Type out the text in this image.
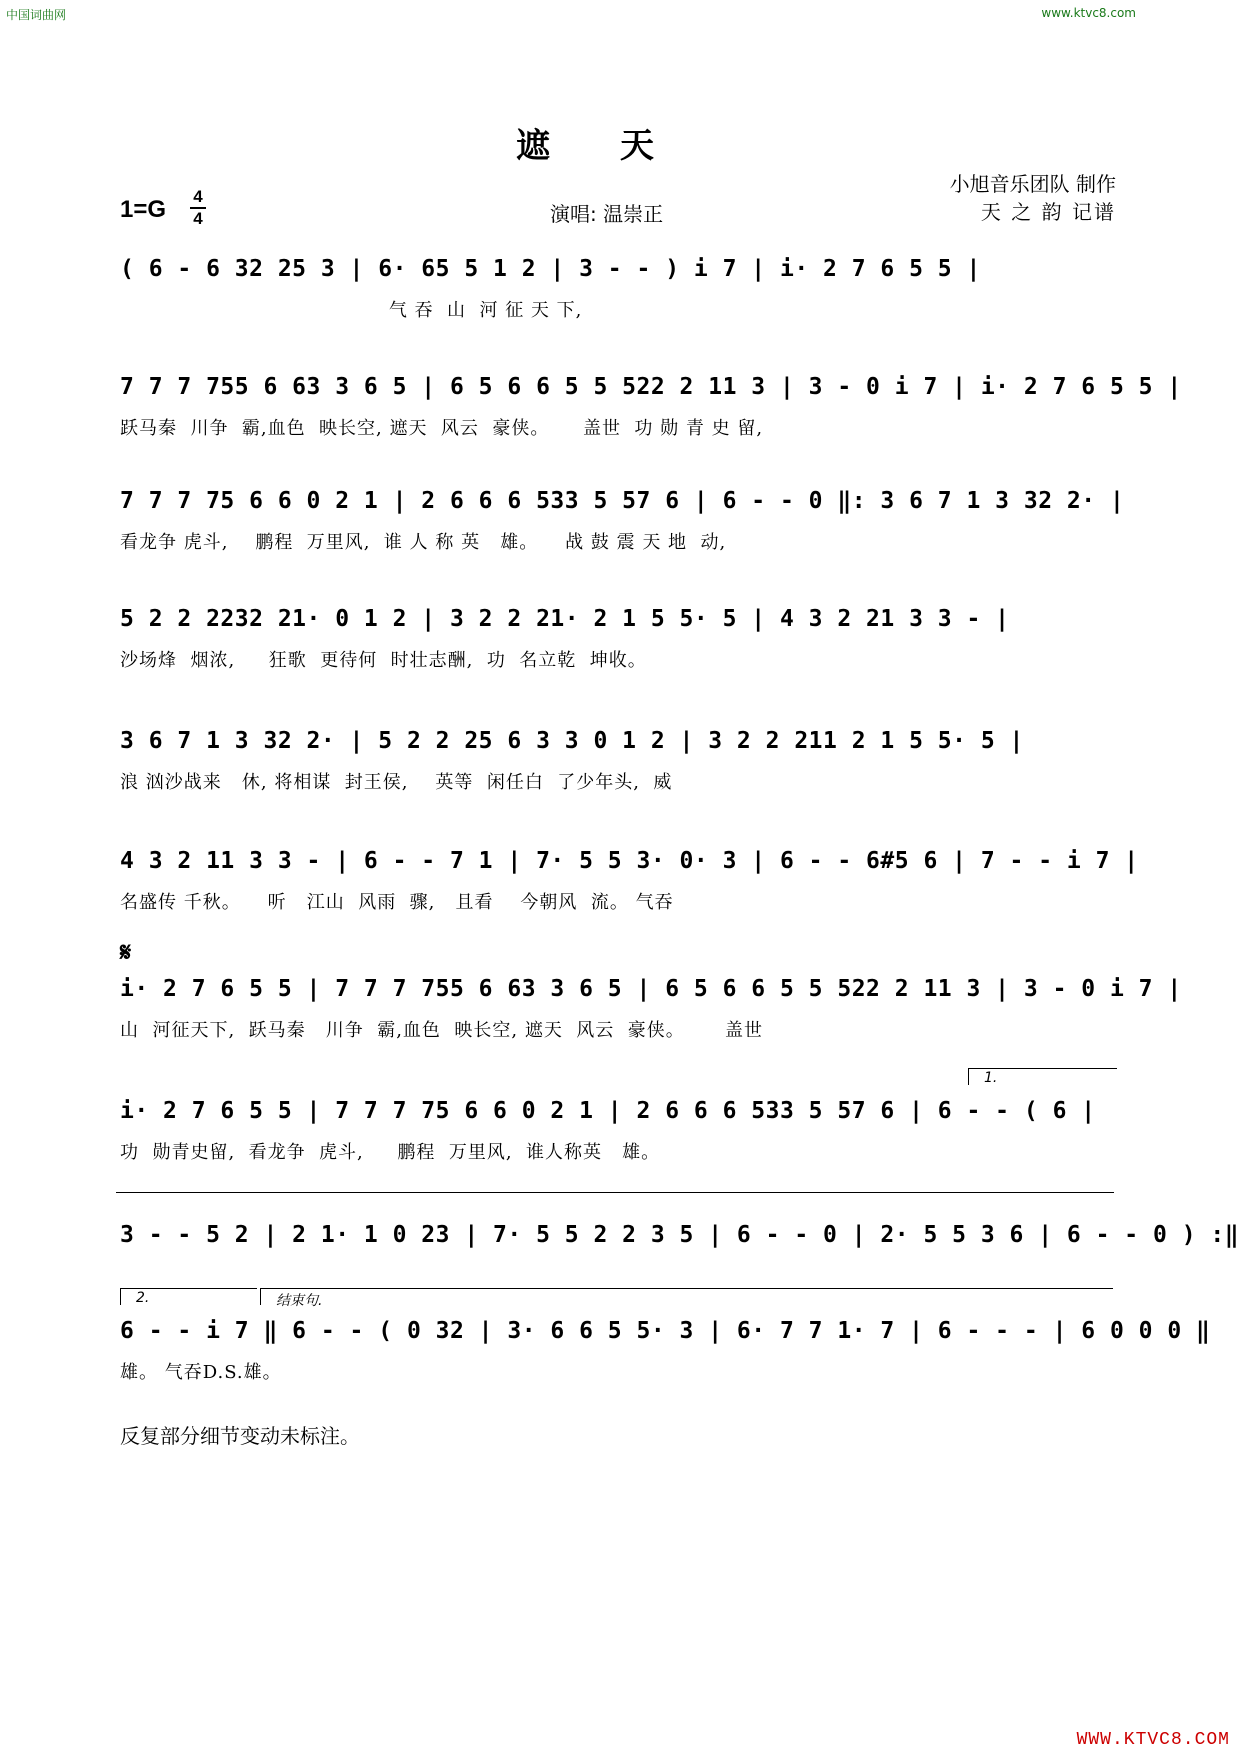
中国词曲网	www.ktvc8.com
遮天
小旭音乐团队 制作
1=G 4
4	演唱: 温崇正	天 之 韵 记谱
( 6 - 6 32 25 3 | 6· 65 5 1 2 | 3 - - ) i 7 | i· 2 7 6 5 5 |
气 吞  山  河 征 天 下,
7 7 7 755 6 63 3 6 5 | 6 5 6 6 5 5 522 2 11 3 | 3 - 0 i 7 | i· 2 7 6 5 5 |
跃马秦  川争  霸,血色  映长空, 遮天  风云  豪侠。     盖世  功 勋 青 史 留,
7 7 7 75 6 6 0 2 1 | 2 6 6 6 533 5 57 6 | 6 - - 0 ‖: 3 6 7 1 3 32 2· |
看龙争 虎斗,    鹏程  万里风,  谁 人 称 英   雄。    战 鼓 震 天 地  动,
5 2 2 2232 21· 0 1 2 | 3 2 2 21· 2 1 5 5· 5 | 4 3 2 21 3 3 - |
沙场烽  烟浓,     狂歌  更待何  时壮志酬,  功  名立乾  坤收。
3 6 7 1 3 32 2· | 5 2 2 25 6 3 3 0 1 2 | 3 2 2 211 2 1 5 5· 5 |
浪 汹沙战来   休, 将相谋  封王侯,    英等  闲任白  了少年头,  威
4 3 2 11 3 3 - | 6 - - 7 1 | 7· 5 5 3· 0· 3 | 6 - - 6#5 6 | 7 - - i 7 |
名盛传 千秋。    听   江山  风雨  骤,   且看    今朝风  流。 气吞
𝄋
i· 2 7 6 5 5 | 7 7 7 755 6 63 3 6 5 | 6 5 6 6 5 5 522 2 11 3 | 3 - 0 i 7 |
山  河征天下,  跃马秦   川争  霸,血色  映长空, 遮天  风云  豪侠。      盖世
1.
i· 2 7 6 5 5 | 7 7 7 75 6 6 0 2 1 | 2 6 6 6 533 5 57 6 | 6 - - ( 6 |
功  勋青史留,  看龙争  虎斗,     鹏程  万里风,  谁人称英   雄。
3 - - 5 2 | 2 1· 1 0 23 | 7· 5 5 2 2 3 5 | 6 - - 0 | 2· 5 5 3 6 | 6 - - 0 ) :‖
2.	结束句.
6 - - i 7 ‖ 6 - - ( 0 32 | 3· 6 6 5 5· 3 | 6· 7 7 1· 7 | 6 - - - | 6 0 0 0 ‖
雄。 气吞D.S.雄。
反复部分细节变动未标注。
WWW.KTVC8.COM
